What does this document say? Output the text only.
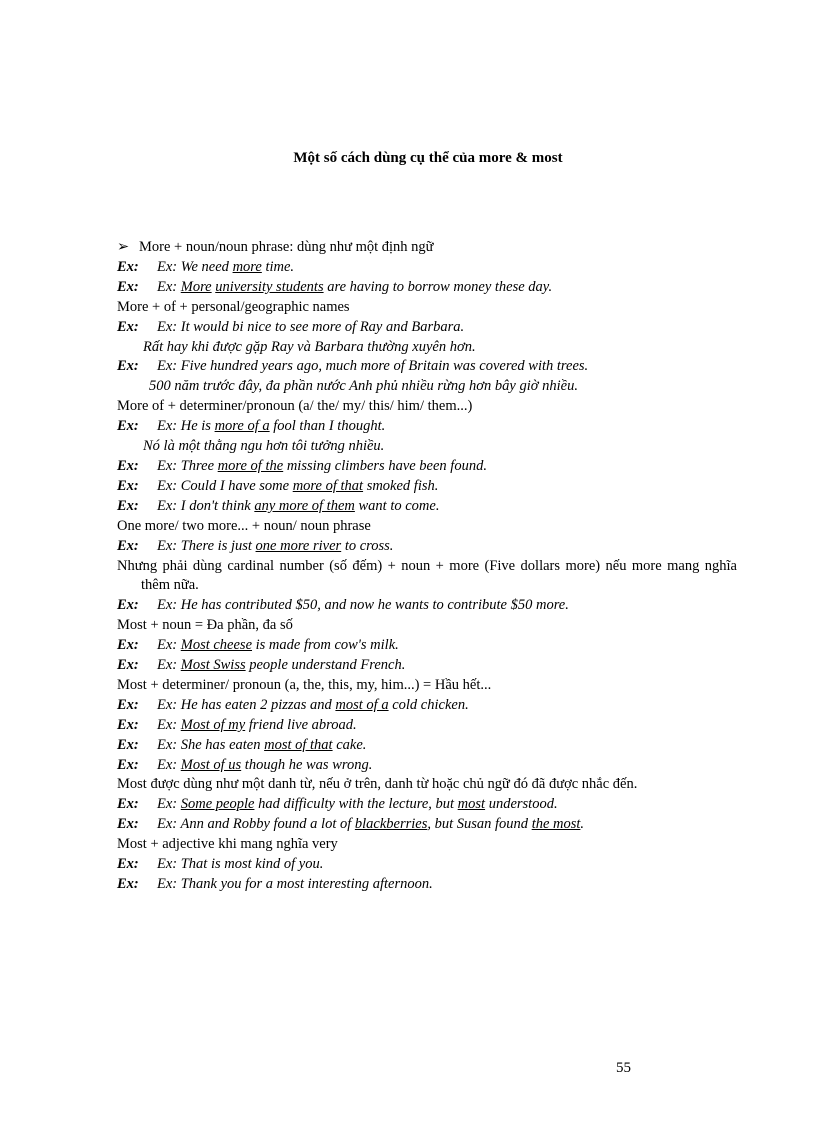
Một số cách dùng cụ thể của more & most

➢ More + noun/noun phrase: dùng như một định ngữ

Ex: Ex: We need more time.

Ex: Ex: More university students are having to borrow money these day.

More + of + personal/geographic names

Ex: Ex: It would bi nice to see more of Ray and Barbara.

Rất hay khi được gặp Ray và Barbara thường xuyên hơn.

Ex: Ex: Five hundred years ago, much more of Britain was covered with trees.

500 năm trước đây, đa phần nước Anh phủ nhiều rừng hơn bây giờ nhiều.

More of + determiner/pronoun (a/ the/ my/ this/ him/ them...)

Ex: Ex: He is more of a fool than I thought.

Nó là một thằng ngu hơn tôi tưởng nhiều.

Ex: Ex: Three more of the missing climbers have been found.

Ex: Ex: Could I have some more of that smoked fish.

Ex: Ex: I don't think any more of them want to come.

One more/ two more... + noun/ noun phrase

Ex: Ex: There is just one more river to cross.

Nhưng phải dùng cardinal number (số đếm) + noun + more (Five dollars more) nếu more mang nghĩa thêm nữa.

Ex: Ex: He has contributed $50, and now he wants to contribute $50 more.

Most + noun = Đa phần, đa số

Ex: Ex: Most cheese is made from cow's milk.

Ex: Ex: Most Swiss people understand French.

Most + determiner/ pronoun (a, the, this, my, him...) = Hầu hết...

Ex: Ex: He has eaten 2 pizzas and most of a cold chicken.

Ex: Ex: Most of my friend live abroad.

Ex: Ex: She has eaten most of that cake.

Ex: Ex: Most of us though he was wrong.

Most được dùng như một danh từ, nếu ở trên, danh từ hoặc chủ ngữ đó đã được nhắc đến.

Ex: Ex: Some people had difficulty with the lecture, but most understood.

Ex: Ex: Ann and Robby found a lot of blackberries, but Susan found the most.

Most + adjective khi mang nghĩa very

Ex: Ex: That is most kind of you.

Ex: Ex: Thank you for a most interesting afternoon.

55
